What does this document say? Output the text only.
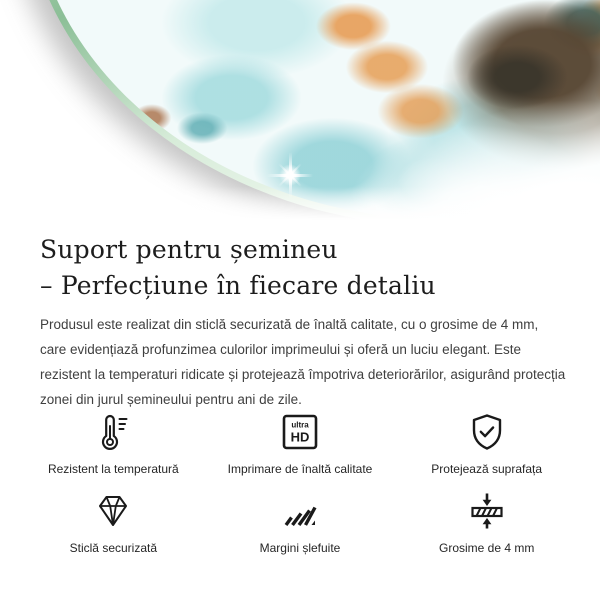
Suport pentru șemineu
– Perfecțiune în fiecare detaliu

Produsul este realizat din sticlă securizată de înaltă calitate, cu o grosime de 4 mm, care evidențiază profunzimea culorilor imprimeului și oferă un luciu elegant. Este rezistent la temperaturi ridicate și protejează împotriva deteriorărilor, asigurând protecția zonei din jurul șemineului pentru ani de zile.

Rezistent la temperatură
ultra
HD
Imprimare de înaltă calitate	Protejează suprafața
Sticlă securizată	Margini șlefuite	Grosime de 4 mm
